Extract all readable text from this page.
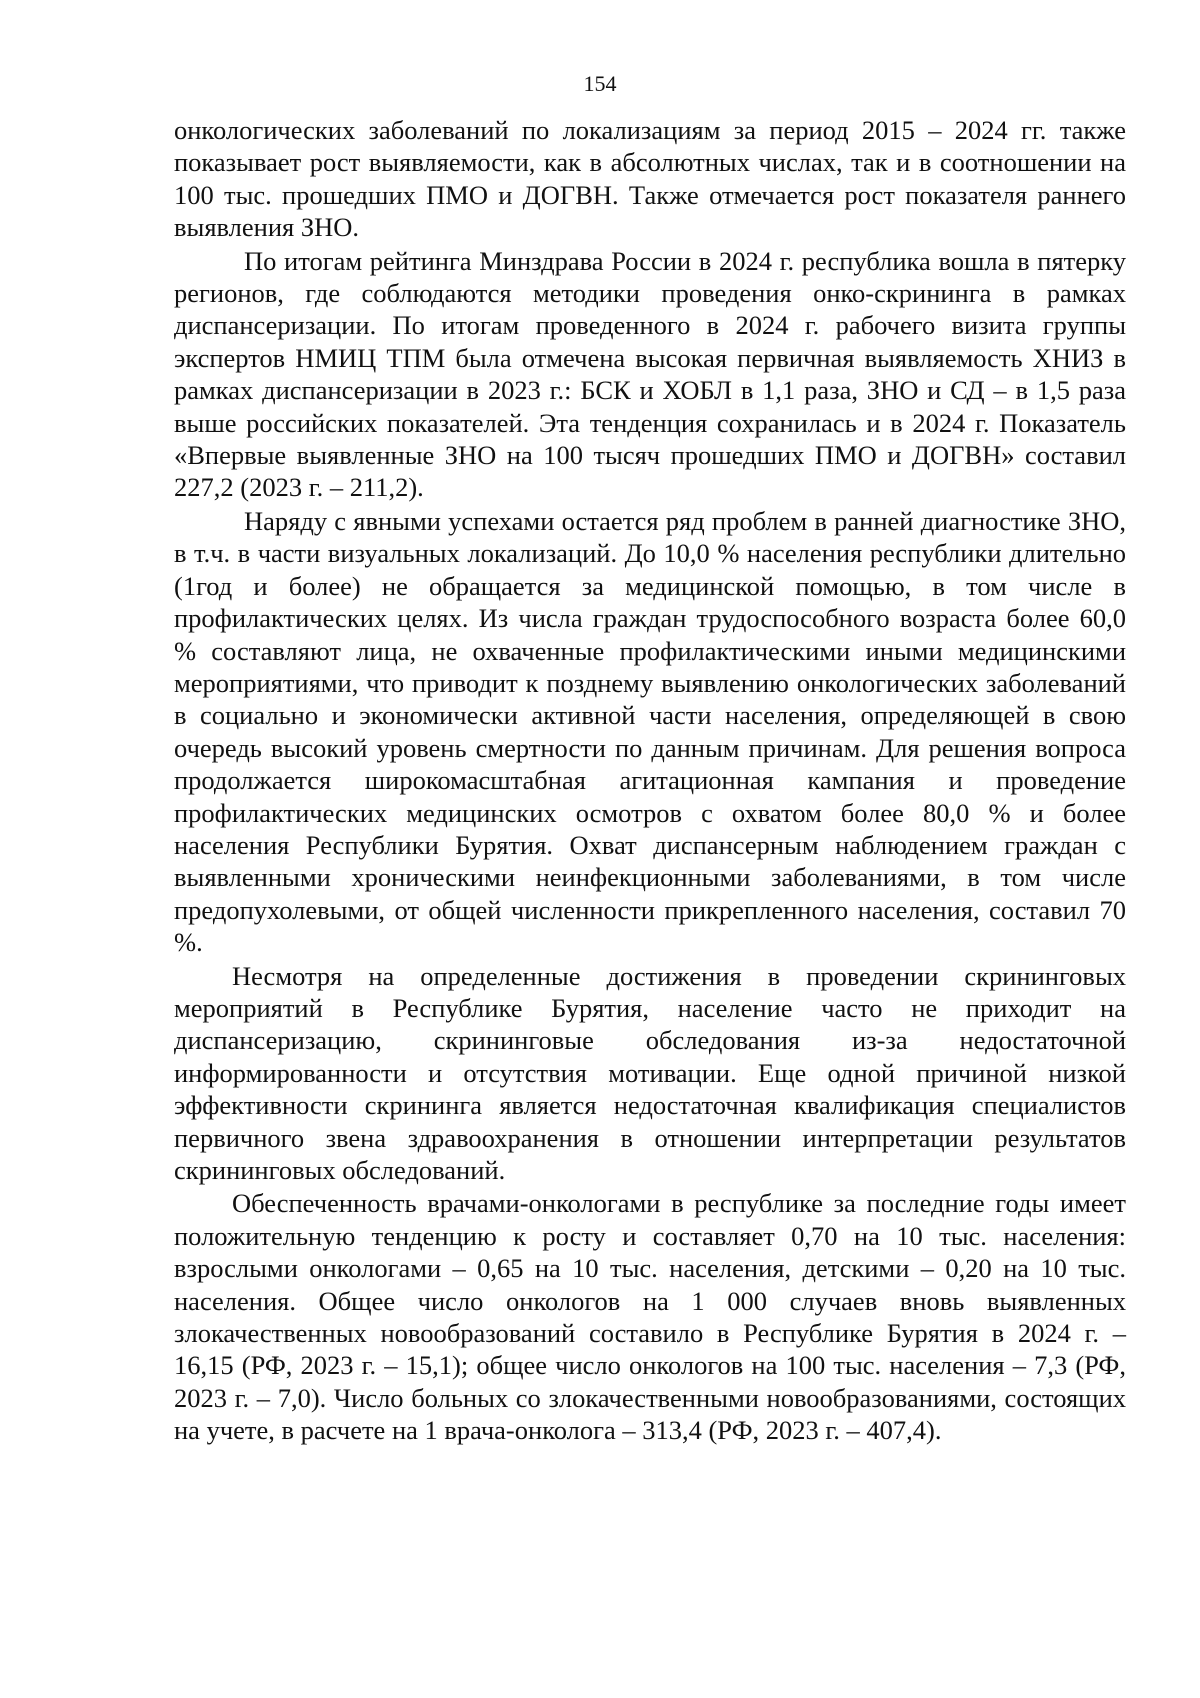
154

онкологических заболеваний по локализациям за период 2015 – 2024 гг. также показывает рост выявляемости, как в абсолютных числах, так и в соотношении на 100 тыс. прошедших ПМО и ДОГВН. Также отмечается рост показателя раннего выявления ЗНО.

По итогам рейтинга Минздрава России в 2024 г. республика вошла в пятерку регионов, где соблюдаются методики проведения онко-скрининга в рамках диспансеризации. По итогам проведенного в 2024 г. рабочего визита группы экспертов НМИЦ ТПМ была отмечена высокая первичная выявляемость ХНИЗ в рамках диспансеризации в 2023 г.: БСК и ХОБЛ в 1,1 раза, ЗНО и СД – в 1,5 раза выше российских показателей. Эта тенденция сохранилась и в 2024 г. Показатель «Впервые выявленные ЗНО на 100 тысяч прошедших ПМО и ДОГВН» составил 227,2 (2023 г. – 211,2).

Наряду с явными успехами остается ряд проблем в ранней диагностике ЗНО, в т.ч. в части визуальных локализаций. До 10,0 % населения республики длительно (1год и более) не обращается за медицинской помощью, в том числе в профилактических целях. Из числа граждан трудоспособного возраста более 60,0 % составляют лица, не охваченные профилактическими иными медицинскими мероприятиями, что приводит к позднему выявлению онкологических заболеваний в социально и экономически активной части населения, определяющей в свою очередь высокий уровень смертности по данным причинам. Для решения вопроса продолжается широкомасштабная агитационная кампания и проведение профилактических медицинских осмотров с охватом более 80,0 % и более населения Республики Бурятия. Охват диспансерным наблюдением граждан с выявленными хроническими неинфекционными заболеваниями, в том числе предопухолевыми, от общей численности прикрепленного населения, составил 70 %.

Несмотря на определенные достижения в проведении скрининговых мероприятий в Республике Бурятия, население часто не приходит на диспансеризацию, скрининговые обследования из-за недостаточной информированности и отсутствия мотивации. Еще одной причиной низкой эффективности скрининга является недостаточная квалификация специалистов первичного звена здравоохранения в отношении интерпретации результатов скрининговых обследований.

Обеспеченность врачами-онкологами в республике за последние годы имеет положительную тенденцию к росту и составляет 0,70 на 10 тыс. населения: взрослыми онкологами – 0,65 на 10 тыс. населения, детскими – 0,20 на 10 тыс. населения. Общее число онкологов на 1 000 случаев вновь выявленных злокачественных новообразований составило в Республике Бурятия в 2024 г. – 16,15 (РФ, 2023 г. – 15,1); общее число онкологов на 100 тыс. населения – 7,3 (РФ, 2023 г. – 7,0). Число больных со злокачественными новообразованиями, состоящих на учете, в расчете на 1 врача-онколога – 313,4 (РФ, 2023 г. – 407,4).
